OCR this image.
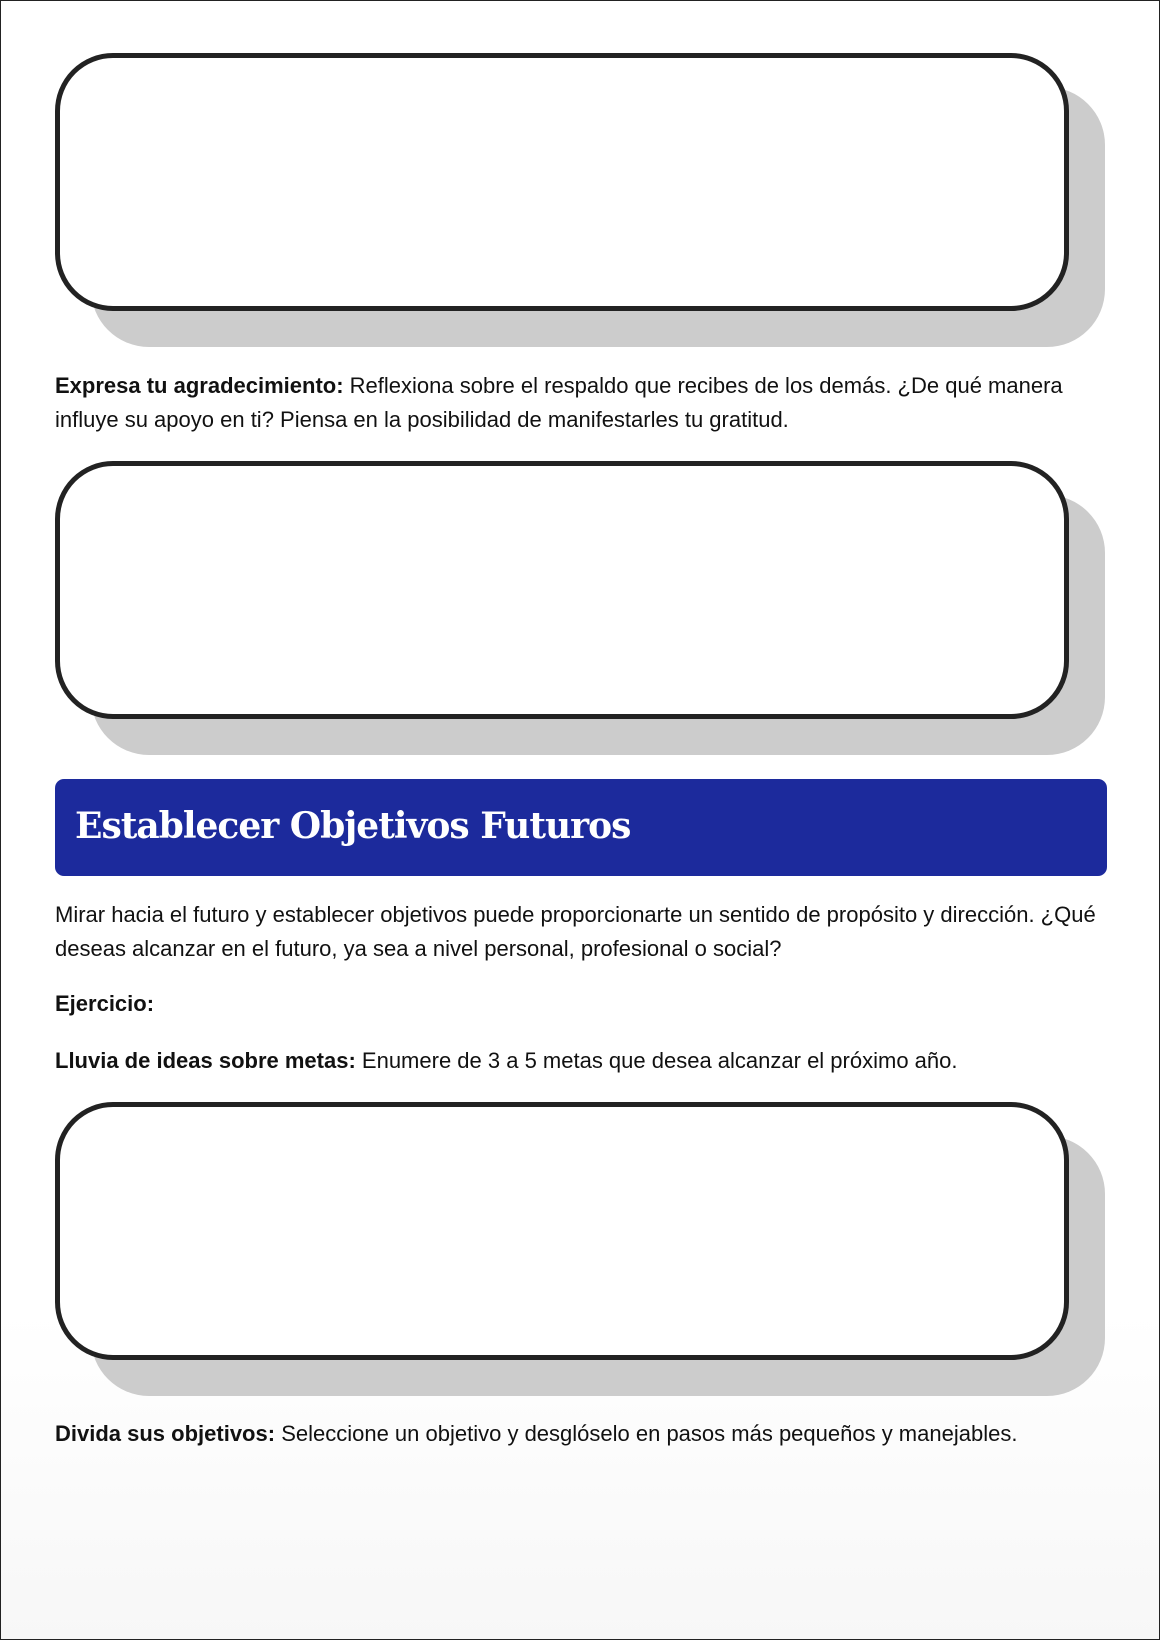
Expresa tu agradecimiento: Reflexiona sobre el respaldo que recibes de los demás. ¿De qué manera influye su apoyo en ti? Piensa en la posibilidad de manifestarles tu gratitud.

Establecer Objetivos Futuros

Mirar hacia el futuro y establecer objetivos puede proporcionarte un sentido de propósito y dirección. ¿Qué deseas alcanzar en el futuro, ya sea a nivel personal, profesional o social?

Ejercicio:

Lluvia de ideas sobre metas: Enumere de 3 a 5 metas que desea alcanzar el próximo año.

Divida sus objetivos: Seleccione un objetivo y desglóselo en pasos más pequeños y manejables.
